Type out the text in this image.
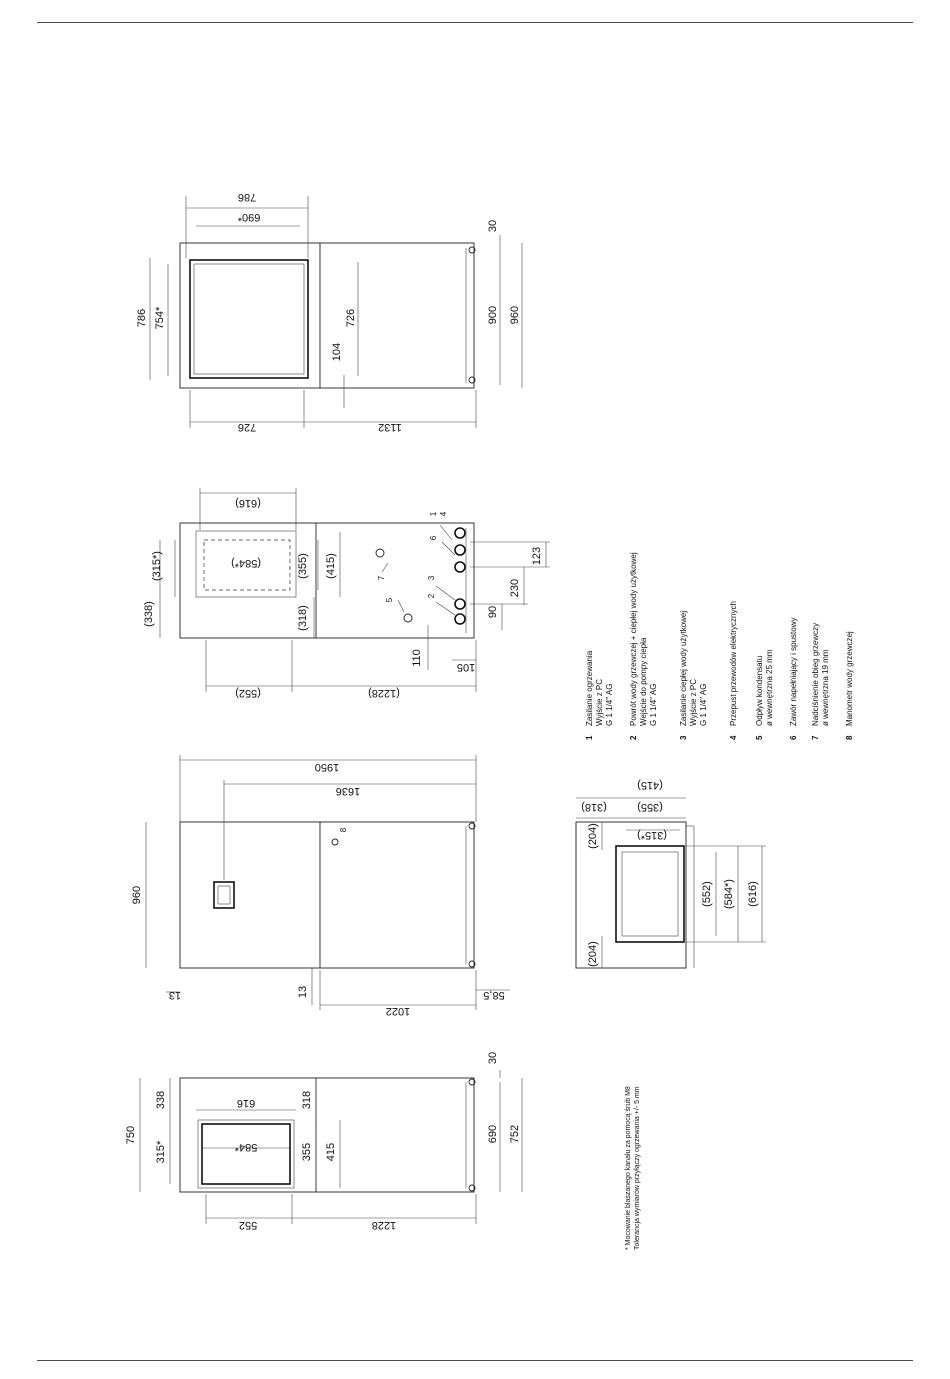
786
690*
786 754*	726
104
30
900 960
726	1132
(616)
(584*)
(315*)
(338)
(355) (415)
(318)
110
105
90
230
123
(552)	(1228)
1
2
3
4
5
6
7
1950
1636
960
13	13	58,5
1022
8
616
584*
750
338
315*
318
355 415
30
690 752
552	1228
(415)
(355)
(318)
(315*)
(204)
(204)
(552) (584*) (616)
1
Zasilanie ogrzewania Wyjście z PC G 1 1/4" AG
2
Powrót wody grzewczej + ciepłej wody użytkowej Wejście do pompy ciepła G 1 1/4" AG
3
Zasilanie ciepłej wody użytkowej Wyjście z PC G 1 1/4" AG
4
Przepust przewodów elektrycznych
5
Odpływ kondensatu ø wewnętrzna 25 mm
6
Zawór napełniający i spustowy
7
Nadciśnienie obieg grzewczy ø wewnętrzna 19 mm
8
Manometr wody grzewczej
* Mocowanie blaszanego kanału za pomocą śrub M8 Tolerancja wymiarów przyłączy ogrzewania +/- 5 mm
